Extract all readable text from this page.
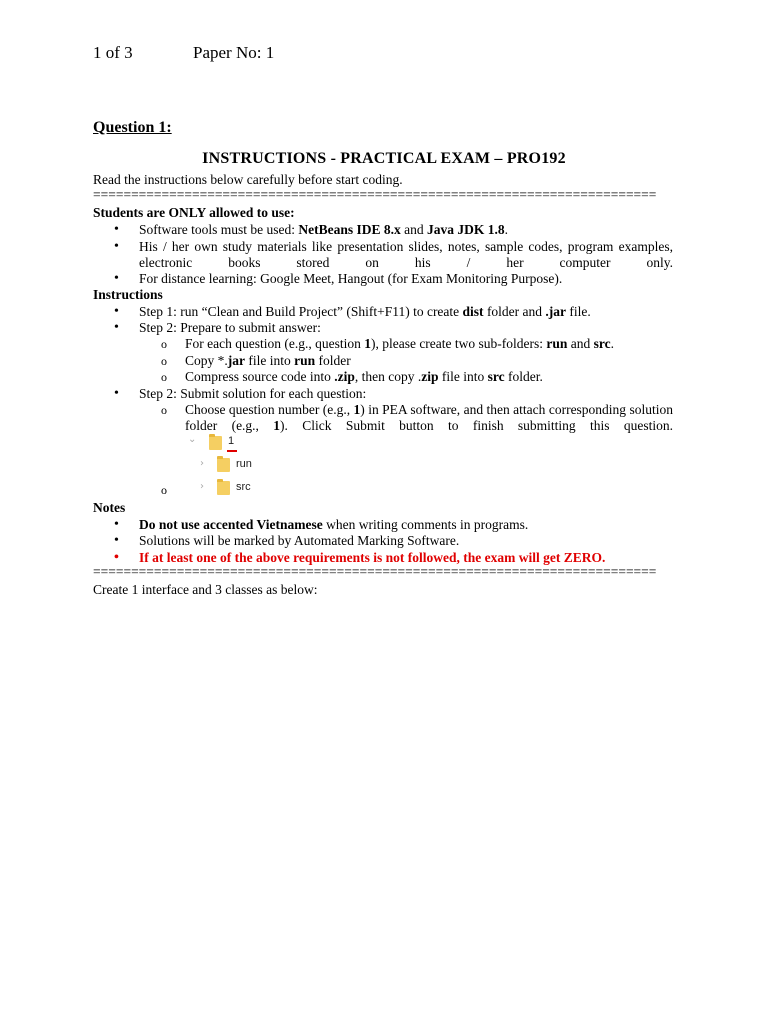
1 of 3	Paper No: 1
Question 1:
INSTRUCTIONS - PRACTICAL EXAM – PRO192
Read the instructions below carefully before start coding.
==========================================================================
Students are ONLY allowed to use:
• Software tools must be used: NetBeans IDE 8.x and Java JDK 1.8.
• His / her own study materials like presentation slides, notes, sample codes, program examples, electronic books stored on his / her computer only.
• For distance learning: Google Meet, Hangout (for Exam Monitoring Purpose).
Instructions
• Step 1: run “Clean and Build Project” (Shift+F11) to create dist folder and .jar file.
• Step 2: Prepare to submit answer:
o For each question (e.g., question 1), please create two sub-folders: run and src.
o Copy *.jar file into run folder
o Compress source code into .zip, then copy .zip file into src folder.
• Step 2: Submit solution for each question:
o Choose question number (e.g., 1) in PEA software, and then attach corresponding solution folder (e.g., 1). Click Submit button to finish submitting this question.
⌄	1
›	run
›	src
o
Notes
• Do not use accented Vietnamese when writing comments in programs.
• Solutions will be marked by Automated Marking Software.
• If at least one of the above requirements is not followed, the exam will get ZERO.
==========================================================================
Create 1 interface and 3 classes as below:
